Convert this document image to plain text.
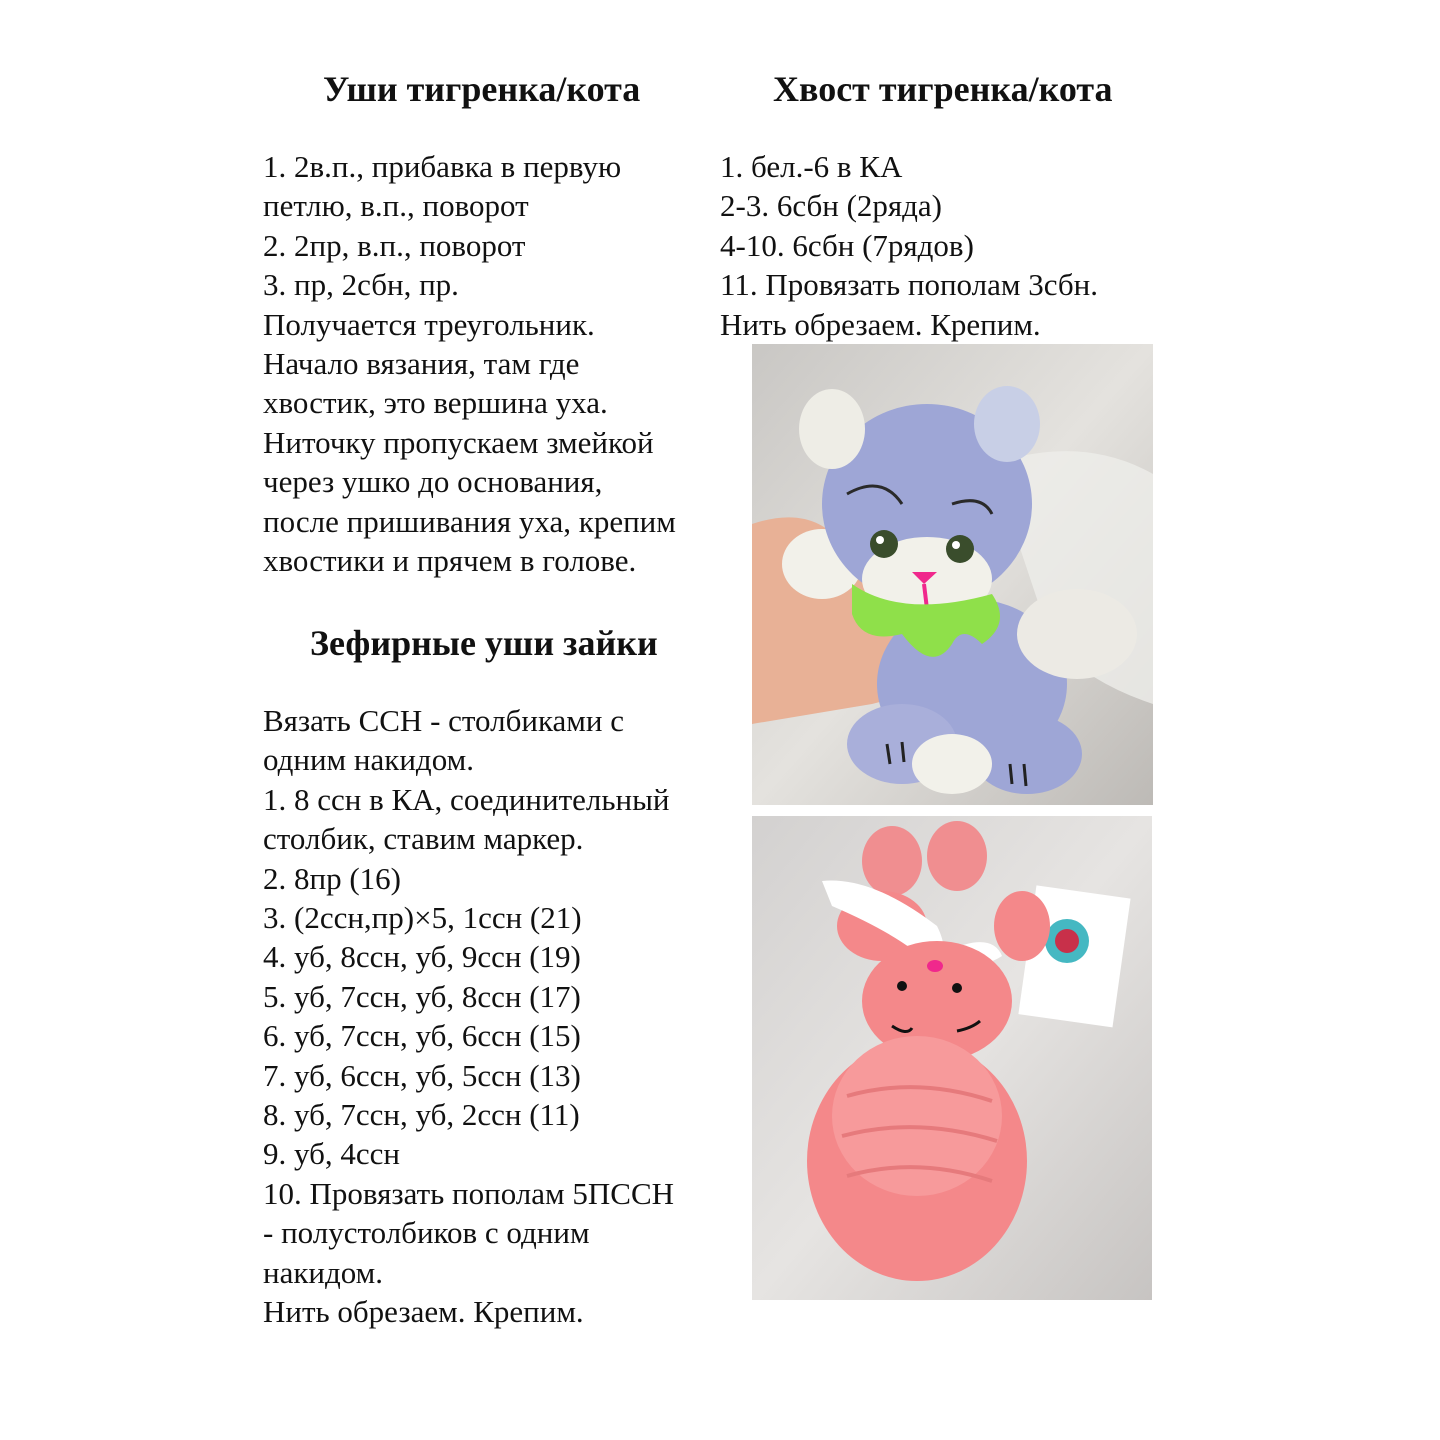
Уши тигренка/кота
1. 2в.п., прибавка в первую
петлю, в.п., поворот
2. 2пр, в.п., поворот
3. пр, 2сбн, пр.
Получается треугольник.
Начало вязания, там где
хвостик, это вершина уха.
Ниточку пропускаем змейкой
через ушко до основания,
после пришивания уха, крепим
хвостики и прячем в голове.
Зефирные уши зайки
Вязать ССН - столбиками с
одним накидом.
1. 8 ссн в КА, соединительный
столбик, ставим маркер.
2. 8пр (16)
3. (2ссн,пр)×5, 1ссн (21)
4. уб, 8ссн, уб, 9ссн (19)
5. уб, 7ссн, уб, 8ссн (17)
6. уб, 7ссн, уб, 6ссн (15)
7. уб, 6ссн, уб, 5ссн (13)
8. уб, 7ссн, уб, 2ссн (11)
9. уб, 4ссн
10. Провязать пополам 5ПССН
- полустолбиков с одним
накидом.
Нить обрезаем. Крепим.
Хвост тигренка/кота
1. бел.-6 в КА
2-3. 6сбн (2ряда)
4-10. 6сбн (7рядов)
11. Провязать пополам 3сбн.
Нить обрезаем. Крепим.
